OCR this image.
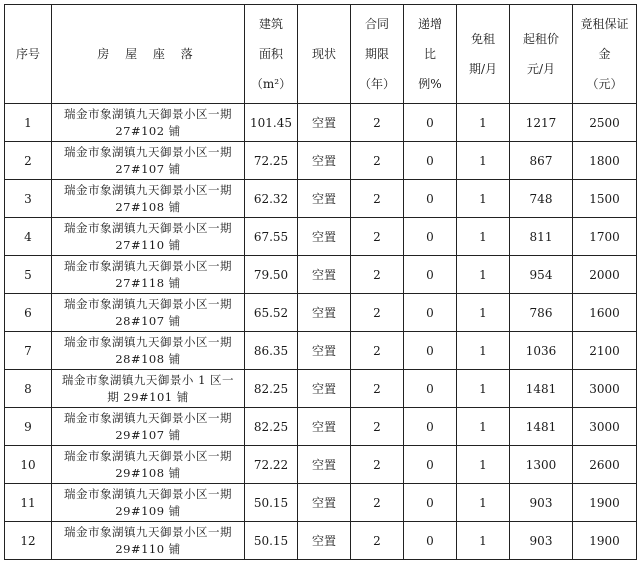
序号	房 屋 座 落	建筑
面积
（m²）	现状	合同
期限
（年）	递增
比
例%	免租
期/月	起租价
元/月	竟租保证
金
（元）

1	瑞金市象湖镇九天御景小区一期
27#102 铺	101.45	空置	2	0	1	1217	2500
2	瑞金市象湖镇九天御景小区一期
27#107 铺	72.25	空置	2	0	1	867	1800
3	瑞金市象湖镇九天御景小区一期
27#108 铺	62.32	空置	2	0	1	748	1500
4	瑞金市象湖镇九天御景小区一期
27#110 铺	67.55	空置	2	0	1	811	1700
5	瑞金市象湖镇九天御景小区一期
27#118 铺	79.50	空置	2	0	1	954	2000
6	瑞金市象湖镇九天御景小区一期
28#107 铺	65.52	空置	2	0	1	786	1600
7	瑞金市象湖镇九天御景小区一期
28#108 铺	86.35	空置	2	0	1	1036	2100
8	瑞金市象湖镇九天御景小 1 区一
期 29#101 铺	82.25	空置	2	0	1	1481	3000
9	瑞金市象湖镇九天御景小区一期
29#107 铺	82.25	空置	2	0	1	1481	3000
10	瑞金市象湖镇九天御景小区一期
29#108 铺	72.22	空置	2	0	1	1300	2600
11	瑞金市象湖镇九天御景小区一期
29#109 铺	50.15	空置	2	0	1	903	1900
12	瑞金市象湖镇九天御景小区一期
29#110 铺	50.15	空置	2	0	1	903	1900
